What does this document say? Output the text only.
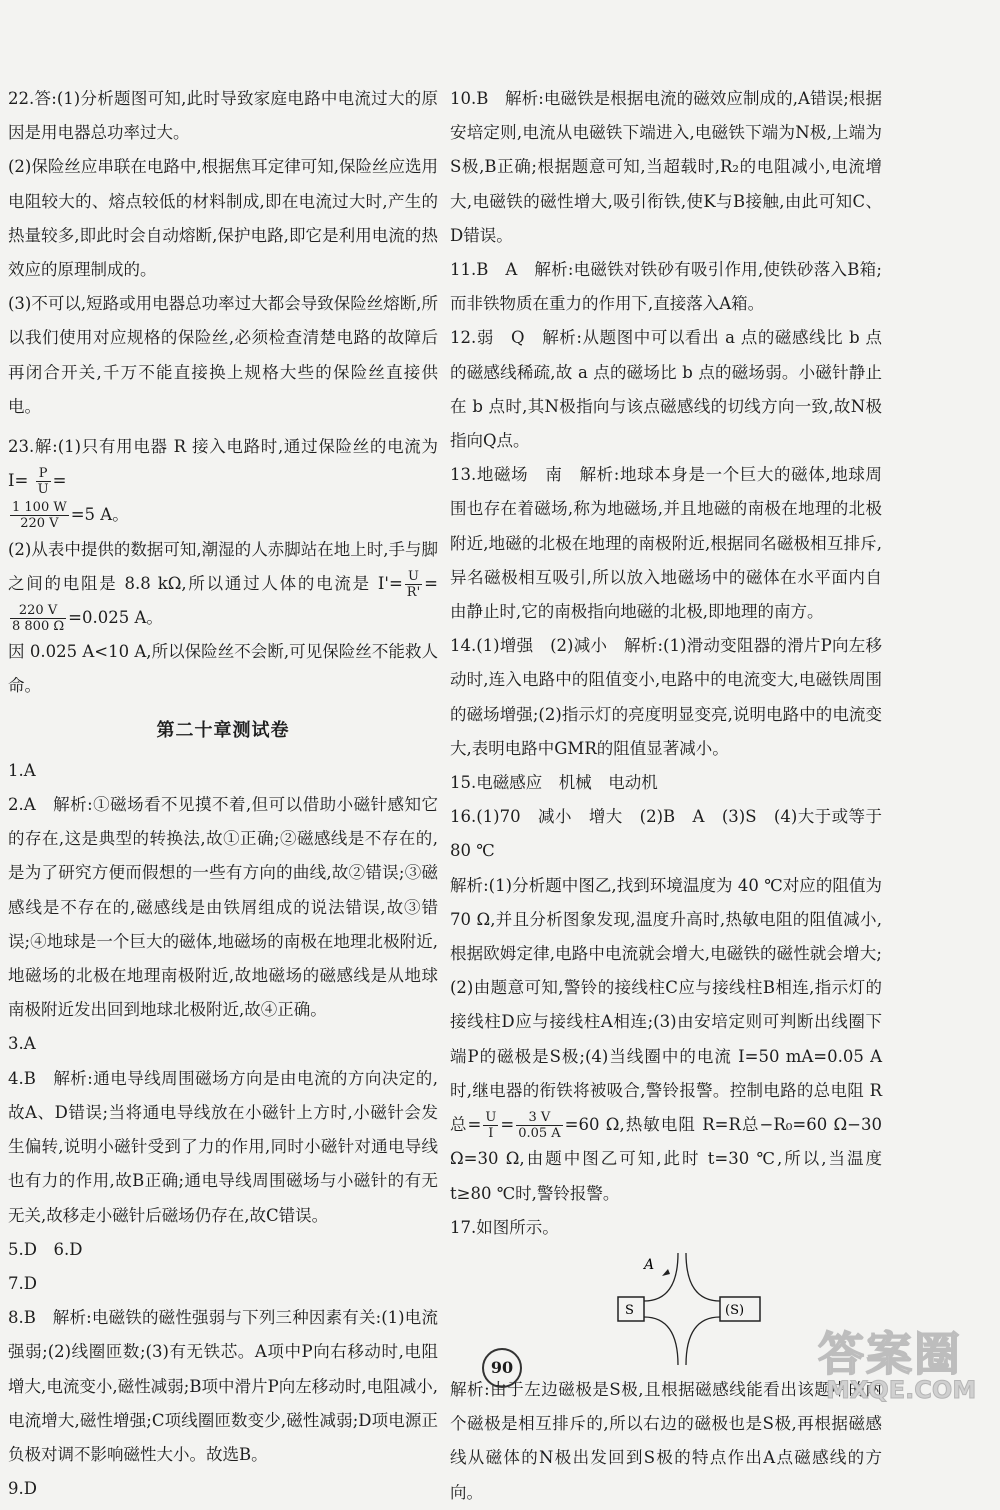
22.答:(1)分析题图可知,此时导致家庭电路中电流过大的原因是用电器总功率过大。
(2)保险丝应串联在电路中,根据焦耳定律可知,保险丝应选用电阻较大的、熔点较低的材料制成,即在电流过大时,产生的热量较多,即此时会自动熔断,保护电路,即它是利用电流的热效应的原理制成的。
(3)不可以,短路或用电器总功率过大都会导致保险丝熔断,所以我们使用对应规格的保险丝,必须检查清楚电路的故障后再闭合开关,千万不能直接换上规格大些的保险丝直接供电。
23.解:(1)只有用电器 R 接入电路时,通过保险丝的电流为 $I= \frac{P}{U}$ =

$\frac{1 100 W}{220 V} =5$ A。
(2)从表中提供的数据可知,潮湿的人赤脚站在地上时,手与脚之间的电阻是 8.8 kΩ,所以通过人体的电流是 $I'= \frac{U}{R'}$ =
$\frac{220 V}{8 800 \Omega} =0.025$ A。
因 0.025 A<10 A,所以保险丝不会断,可见保险丝不能救人命。
第二十章测试卷
1.A
2.A　解析:①磁场看不见摸不着,但可以借助小磁针感知它的存在,这是典型的转换法,故①正确;②磁感线是不存在的,是为了研究方便而假想的一些有方向的曲线,故②错误;③磁感线是不存在的,磁感线是由铁屑组成的说法错误,故③错误;④地球是一个巨大的磁体,地磁场的南极在地理北极附近,地磁场的北极在地理南极附近,故地磁场的磁感线是从地球南极附近发出回到地球北极附近,故④正确。
3.A
4.B　解析:通电导线周围磁场方向是由电流的方向决定的,故A、D错误;当将通电导线放在小磁针上方时,小磁针会发生偏转,说明小磁针受到了力的作用,同时小磁针对通电导线也有力的作用,故B正确;通电导线周围磁场与小磁针的有无无关,故移走小磁针后磁场仍存在,故C错误。
5.D　6.D
7.D
8.B　解析:电磁铁的磁性强弱与下列三种因素有关:(1)电流强弱;(2)线圈匝数;(3)有无铁芯。A项中P向右移动时,电阻增大,电流变小,磁性减弱;B项中滑片P向左移动时,电阻减小,电流增大,磁性增强;C项线圈匝数变少,磁性减弱;D项电源正负极对调不影响磁性大小。故选B。
9.D
10.B　解析:电磁铁是根据电流的磁效应制成的,A错误;根据安培定则,电流从电磁铁下端进入,电磁铁下端为N极,上端为S极,B正确;根据题意可知,当超载时,R₂的电阻减小,电流增大,电磁铁的磁性增大,吸引衔铁,使K与B接触,由此可知C、D错误。
11.B　A　解析:电磁铁对铁砂有吸引作用,使铁砂落入B箱;而非铁物质在重力的作用下,直接落入A箱。
12.弱　Q　解析:从题图中可以看出 a 点的磁感线比 b 点的磁感线稀疏,故 a 点的磁场比 b 点的磁场弱。小磁针静止在 b 点时,其N极指向与该点磁感线的切线方向一致,故N极指向Q点。
13.地磁场　南　解析:地球本身是一个巨大的磁体,地球周围也存在着磁场,称为地磁场,并且地磁的南极在地理的北极附近,地磁的北极在地理的南极附近,根据同名磁极相互排斥,异名磁极相互吸引,所以放入地磁场中的磁体在水平面内自由静止时,它的南极指向地磁的北极,即地理的南方。
14.(1)增强　(2)减小　解析:(1)滑动变阻器的滑片P向左移动时,连入电路中的阻值变小,电路中的电流变大,电磁铁周围的磁场增强;(2)指示灯的亮度明显变亮,说明电路中的电流变大,表明电路中GMR的阻值显著减小。
15.电磁感应　机械　电动机
16.(1)70　减小　增大　(2)B　A　(3)S　(4)大于或等于 80 ℃
解析:(1)分析题中图乙,找到环境温度为 40 ℃对应的阻值为 70 Ω,并且分析图象发现,温度升高时,热敏电阻的阻值减小,根据欧姆定律,电路中电流就会增大,电磁铁的磁性就会增大;(2)由题意可知,警铃的接线柱C应与接线柱B相连,指示灯的接线柱D应与接线柱A相连;(3)由安培定则可判断出线圈下端P的磁极是S极;(4)当线圈中的电流 I=50 mA=0.05 A时,继电器的衔铁将被吸合,警铃报警。控制电路的总电阻 R总= $\frac{U}{I} = \frac{3 V}{0.05 A} =60$ Ω,热敏电阻 R=R总−R₀=60 Ω−30 Ω=30 Ω,由题中图乙可知,此时 t=30 ℃,所以,当温度 t≥80 ℃时,警铃报警。
17.如图所示。
A
S	(S)
解析:由于左边磁极是S极,且根据磁感线能看出该题中的两个磁极是相互排斥的,所以右边的磁极也是S极,再根据磁感线从磁体的N极出发回到S极的特点作出A点磁感线的方向。
90	答案圈
MXQE.COM
